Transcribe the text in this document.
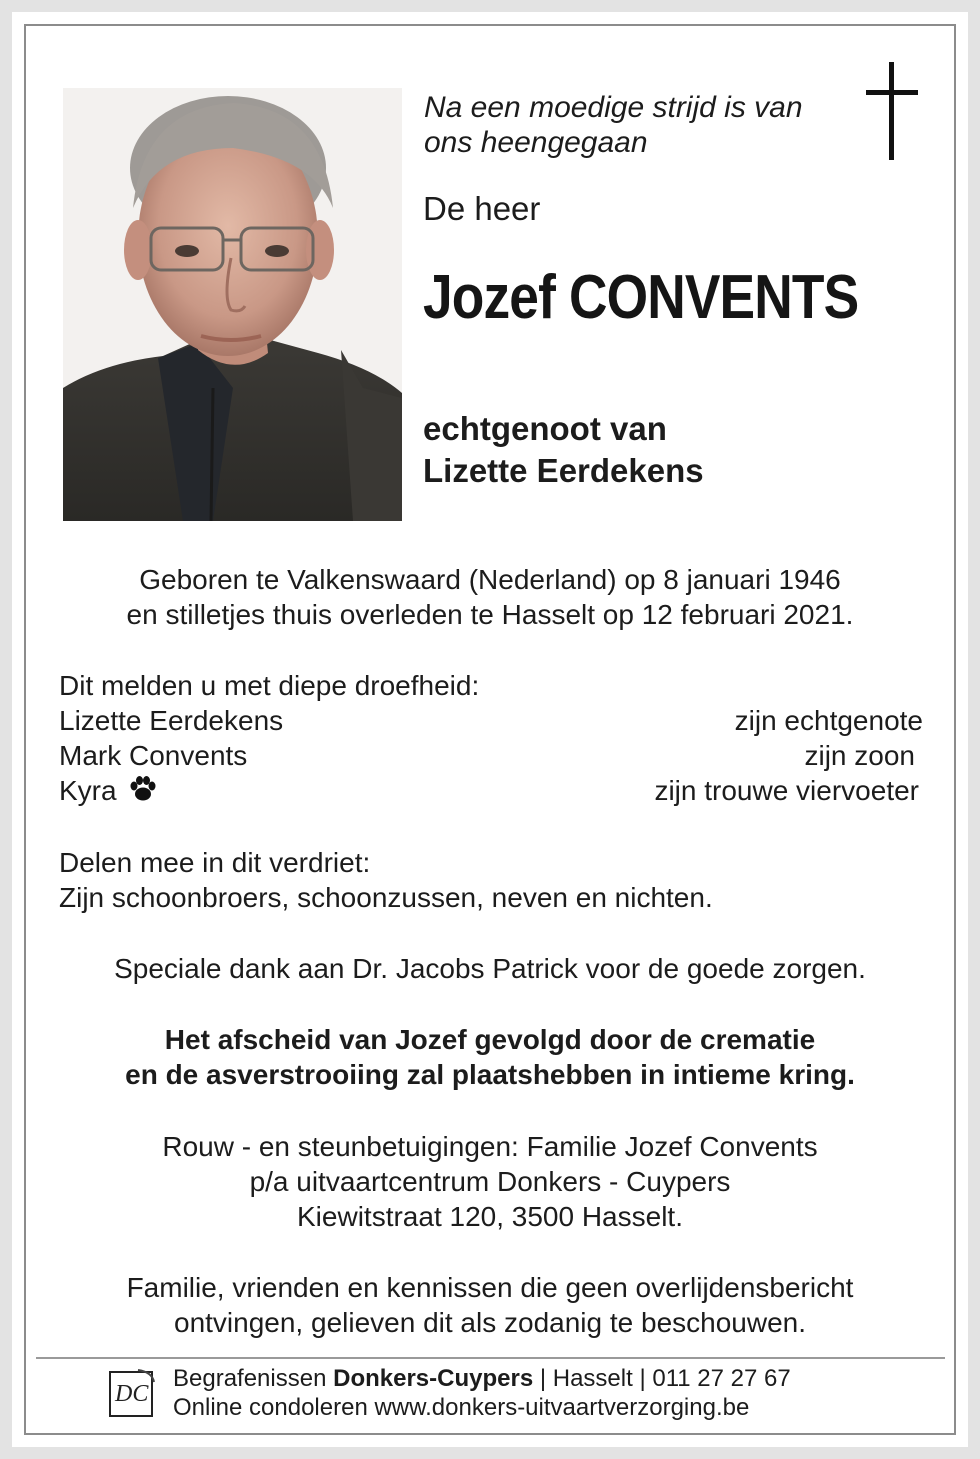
Na een moedige strijd is van
ons heengegaan
De heer
Jozef CONVENTS
echtgenoot van
Lizette Eerdekens
Geboren te Valkenswaard (Nederland) op 8 januari 1946
en stilletjes thuis overleden te Hasselt op 12 februari 2021.
Dit melden u met diepe droefheid:
Lizette Eerdekens	zijn echtgenote
Mark Convents	zijn zoon
Kyra	zijn trouwe viervoeter
Delen mee in dit verdriet:
Zijn schoonbroers, schoonzussen, neven en nichten.
Speciale dank aan Dr. Jacobs Patrick voor de goede zorgen.
Het afscheid van Jozef gevolgd door de crematie
en de asverstrooiing zal plaatshebben in intieme kring.
Rouw - en steunbetuigingen: Familie Jozef Convents
p/a uitvaartcentrum Donkers - Cuypers
Kiewitstraat 120, 3500 Hasselt.
Familie, vrienden en kennissen die geen overlijdensbericht
ontvingen, gelieven dit als zodanig te beschouwen.
DC
Begrafenissen Donkers-Cuypers | Hasselt | 011 27 27 67
Online condoleren www.donkers-uitvaartverzorging.be
